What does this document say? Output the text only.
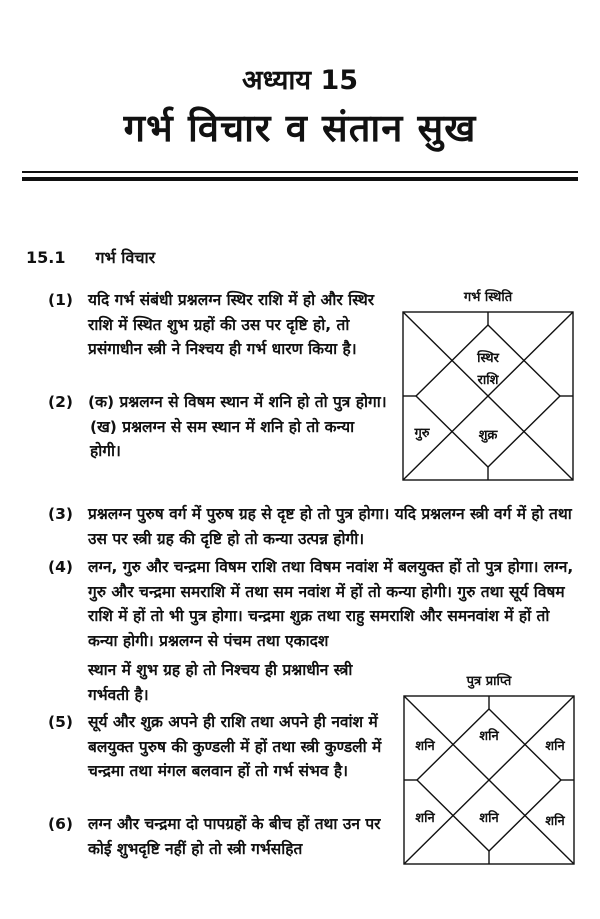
अध्याय 15
गर्भ विचार व संतान सुख
15.1 गर्भ विचार
(1) यदि गर्भ संबंधी प्रश्नलग्न स्थिर राशि में हो और स्थिर राशि में स्थित शुभ ग्रहों की उस पर दृष्टि हो, तो प्रसंगाधीन स्त्री ने निश्चय ही गर्भ धारण किया है।
(2) (क) प्रश्नलग्न से विषम स्थान में शनि हो तो पुत्र होगा।
(ख) प्रश्नलग्न से सम स्थान में शनि हो तो कन्या होगी।
(3) प्रश्नलग्न पुरुष वर्ग में पुरुष ग्रह से दृष्ट हो तो पुत्र होगा। यदि प्रश्नलग्न स्त्री वर्ग में हो तथा उस पर स्त्री ग्रह की दृष्टि हो तो कन्या उत्पन्न होगी।
(4) लग्न, गुरु और चन्द्रमा विषम राशि तथा विषम नवांश में बलयुक्त हों तो पुत्र होगा। लग्न, गुरु और चन्द्रमा समराशि में तथा सम नवांश में हों तो कन्या होगी। गुरु तथा सूर्य विषम राशि में हों तो भी पुत्र होगा। चन्द्रमा शुक्र तथा राहु समराशि और समनवांश में हों तो कन्या होगी। प्रश्नलग्न से पंचम तथा एकादश
स्थान में शुभ ग्रह हो तो निश्चय ही प्रश्नाधीन स्त्री गर्भवती है।
(5) सूर्य और शुक्र अपने ही राशि तथा अपने ही नवांश में बलयुक्त पुरुष की कुण्डली में हों तथा स्त्री कुण्डली में चन्द्रमा तथा मंगल बलवान हों तो गर्भ संभव है।
(6) लग्न और चन्द्रमा दो पापग्रहों के बीच हों तथा उन पर कोई शुभदृष्टि नहीं हो तो स्त्री गर्भसहित
गर्भ स्थिति
स्थिर
राशि
गुरु	शुक्र
पुत्र प्राप्ति
शनि
शनि
शनि
शनि	शनि	शनि
